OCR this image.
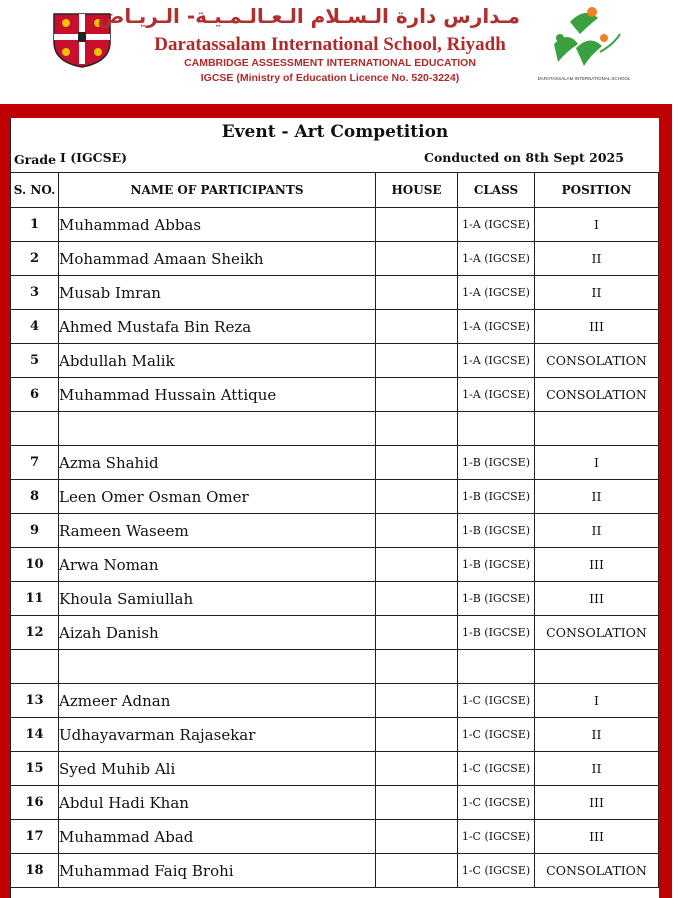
مـدارس دارة الـسـلام الـعـالـمـيـة- الـريـاض
Daratassalam International School, Riyadh
CAMBRIDGE ASSESSMENT INTERNATIONAL EDUCATION
IGCSE (Ministry of Education Licence No. 520-3224)	DARATASSALAM INTERNATIONAL SCHOOL
Event - Art Competition
Grade I (IGCSE)	Conducted on 8th Sept 2025
S. NO.	NAME OF PARTICIPANTS	HOUSE	CLASS	POSITION
1	Muhammad Abbas		1-A (IGCSE)	I
2	Mohammad Amaan Sheikh		1-A (IGCSE)	II
3	Musab Imran		1-A (IGCSE)	II
4	Ahmed Mustafa Bin Reza		1-A (IGCSE)	III
5	Abdullah Malik		1-A (IGCSE)	CONSOLATION
6	Muhammad Hussain Attique		1-A (IGCSE)	CONSOLATION

7	Azma Shahid		1-B (IGCSE)	I
8	Leen Omer Osman Omer		1-B (IGCSE)	II
9	Rameen Waseem		1-B (IGCSE)	II
10	Arwa Noman		1-B (IGCSE)	III
11	Khoula Samiullah		1-B (IGCSE)	III
12	Aizah Danish		1-B (IGCSE)	CONSOLATION

13	Azmeer Adnan		1-C (IGCSE)	I
14	Udhayavarman Rajasekar		1-C (IGCSE)	II
15	Syed Muhib Ali		1-C (IGCSE)	II
16	Abdul Hadi Khan		1-C (IGCSE)	III
17	Muhammad Abad		1-C (IGCSE)	III
18	Muhammad Faiq Brohi		1-C (IGCSE)	CONSOLATION
